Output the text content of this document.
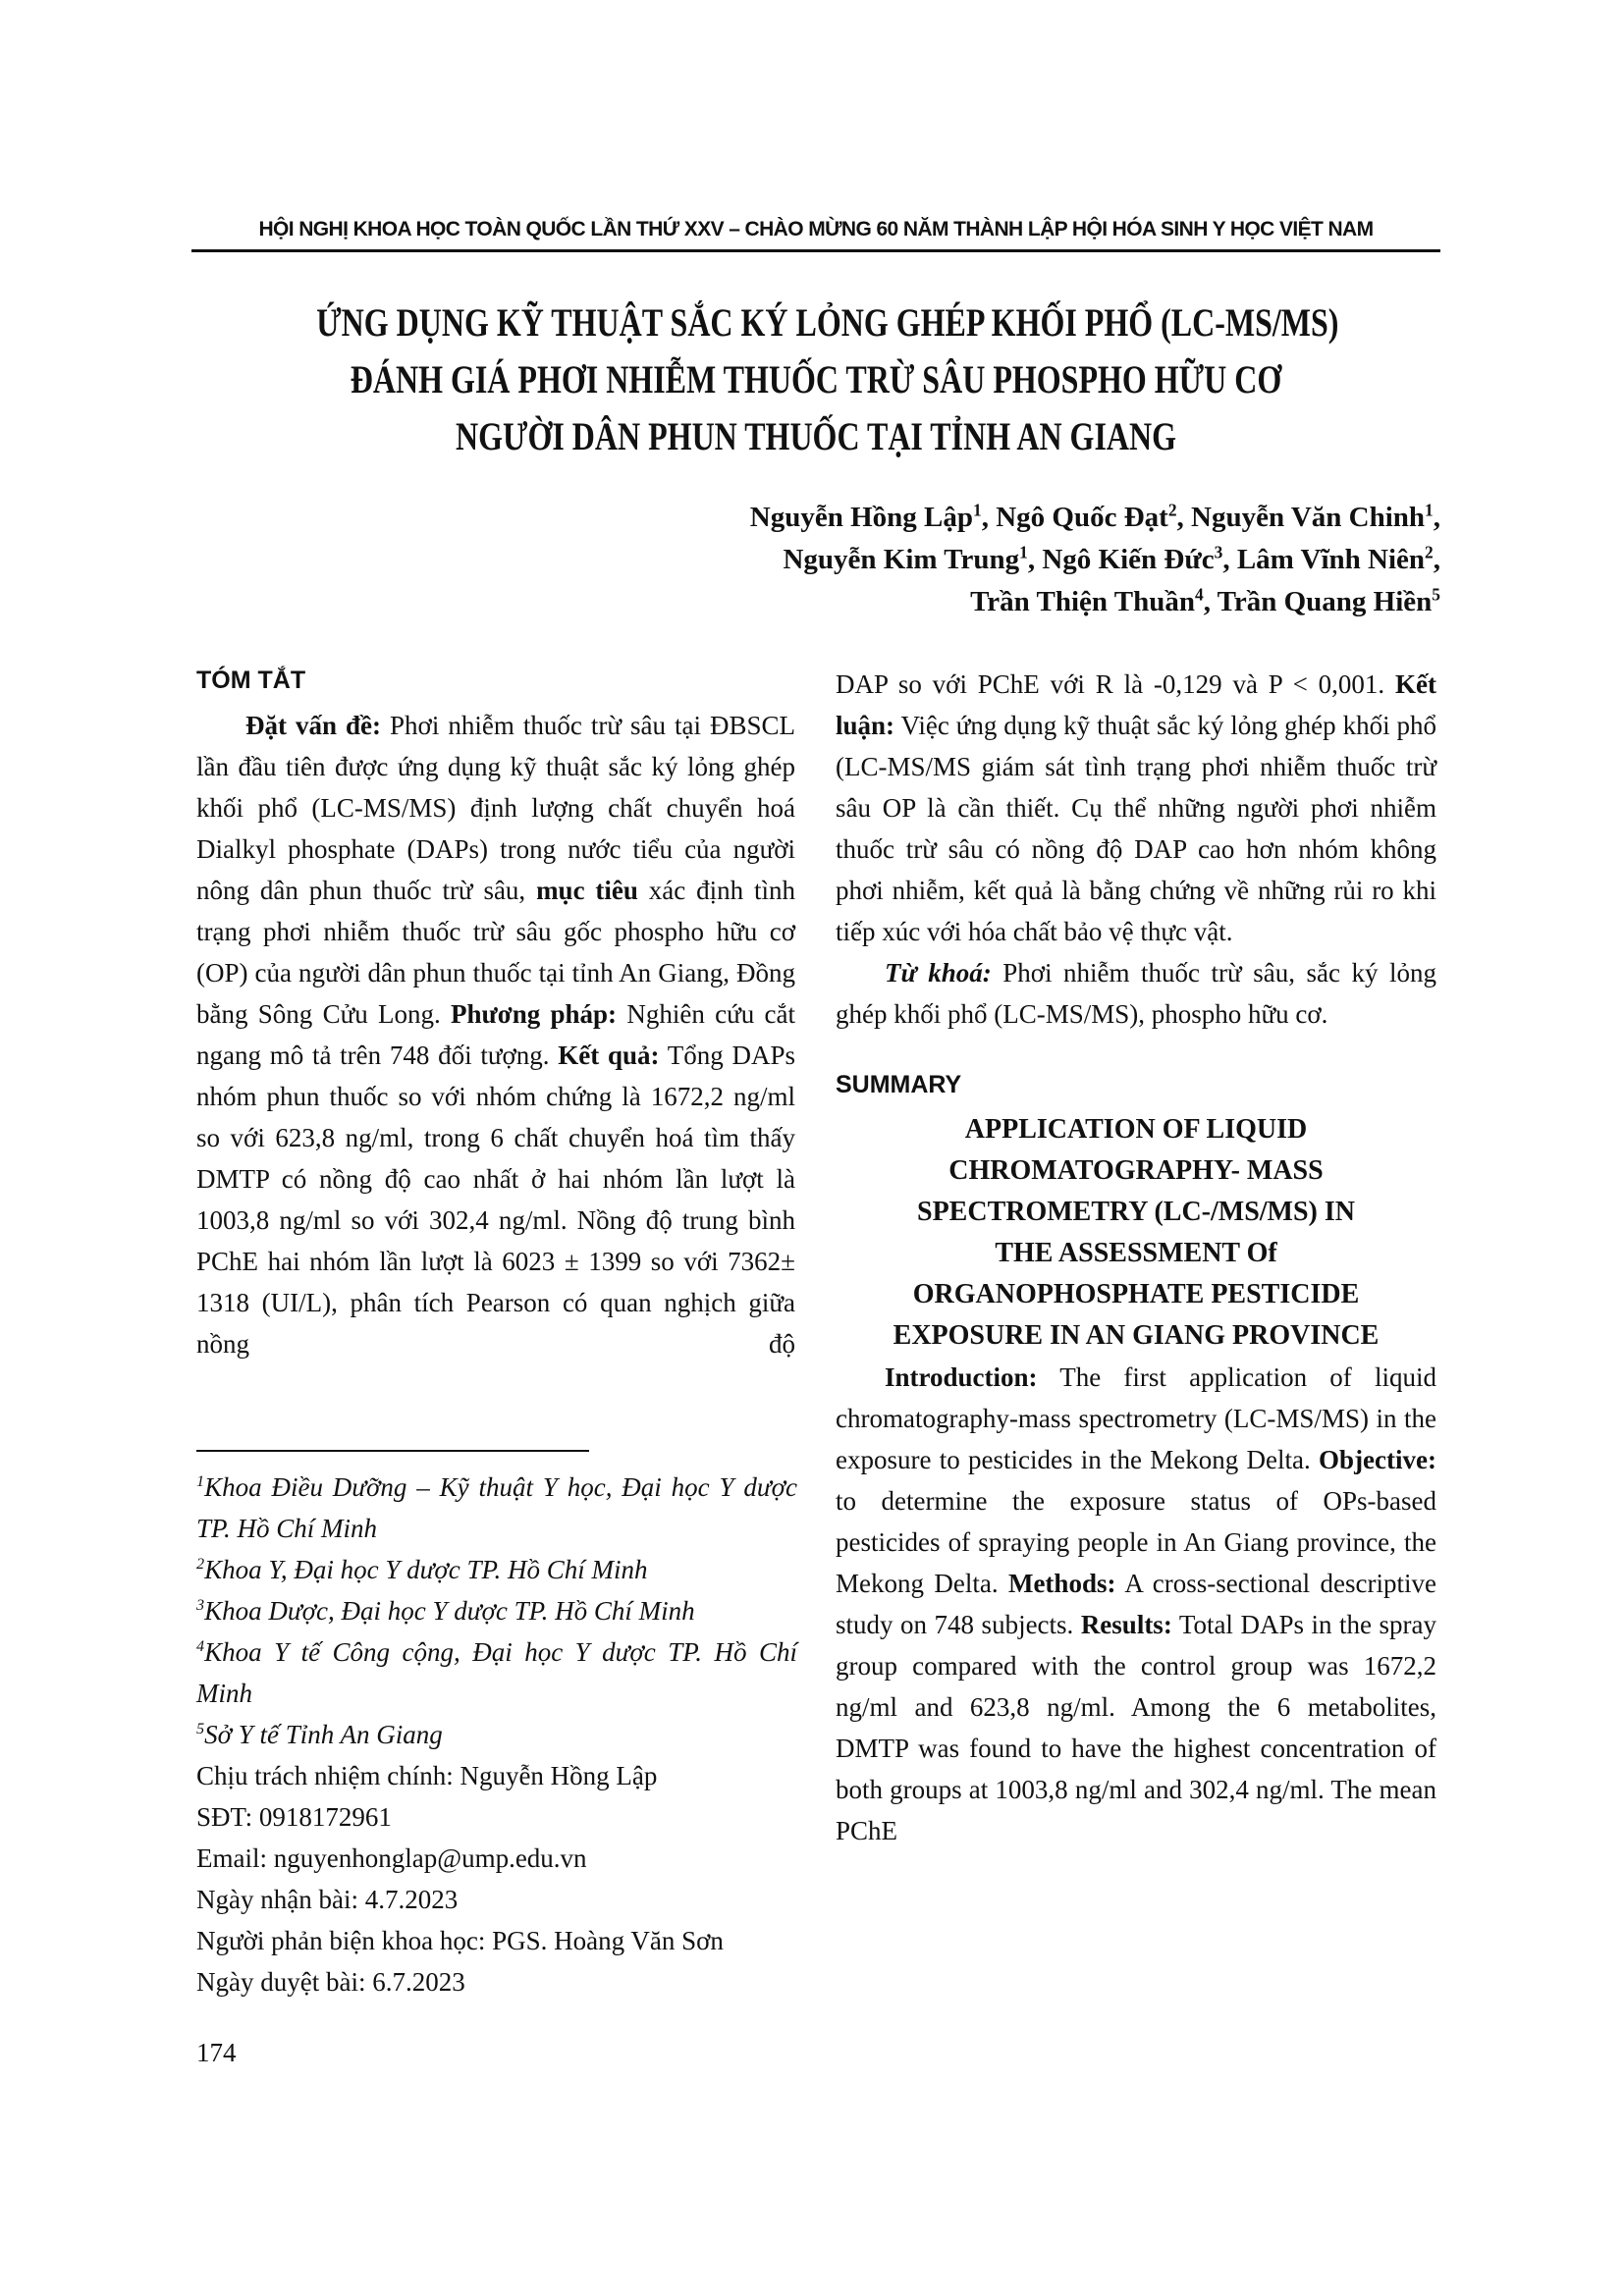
HỘI NGHỊ KHOA HỌC TOÀN QUỐC LẦN THỨ XXV – CHÀO MỪNG 60 NĂM THÀNH LẬP HỘI HÓA SINH Y HỌC VIỆT NAM
ỨNG DỤNG KỸ THUẬT SẮC KÝ LỎNG GHÉP KHỐI PHỔ (LC-MS/MS)
ĐÁNH GIÁ PHƠI NHIỄM THUỐC TRỪ SÂU PHOSPHO HỮU CƠ
NGƯỜI DÂN PHUN THUỐC TẠI TỈNH AN GIANG
Nguyễn Hồng Lập$^1$, Ngô Quốc Đạt$^2$, Nguyễn Văn Chinh$^1$,
Nguyễn Kim Trung$^1$, Ngô Kiến Đức$^3$, Lâm Vĩnh Niên$^2$,
Trần Thiện Thuần$^4$, Trần Quang Hiền$^5$
TÓM TẮT

Đặt vấn đề: Phơi nhiễm thuốc trừ sâu tại ĐBSCL lần đầu tiên được ứng dụng kỹ thuật sắc ký lỏng ghép khối phổ (LC-MS/MS) định lượng chất chuyển hoá Dialkyl phosphate (DAPs) trong nước tiểu của người nông dân phun thuốc trừ sâu, mục tiêu xác định tình trạng phơi nhiễm thuốc trừ sâu gốc phospho hữu cơ (OP) của người dân phun thuốc tại tỉnh An Giang, Đồng bằng Sông Cửu Long. Phương pháp: Nghiên cứu cắt ngang mô tả trên 748 đối tượng. Kết quả: Tổng DAPs nhóm phun thuốc so với nhóm chứng là 1672,2 ng/ml so với 623,8 ng/ml, trong 6 chất chuyển hoá tìm thấy DMTP có nồng độ cao nhất ở hai nhóm lần lượt là 1003,8 ng/ml so với 302,4 ng/ml. Nồng độ trung bình PChE hai nhóm lần lượt là 6023 ± 1399 so với 7362± 1318 (UI/L), phân tích Pearson có quan nghịch giữa nồng độ

$^1$Khoa Điều Dưỡng – Kỹ thuật Y học, Đại học Y dược TP. Hồ Chí Minh
$^2$Khoa Y, Đại học Y dược TP. Hồ Chí Minh
$^3$Khoa Dược, Đại học Y dược TP. Hồ Chí Minh
$^4$Khoa Y tế Công cộng, Đại học Y dược TP. Hồ Chí Minh
$^5$Sở Y tế Tỉnh An Giang
Chịu trách nhiệm chính: Nguyễn Hồng Lập
SĐT: 0918172961
Email: nguyenhonglap@ump.edu.vn
Ngày nhận bài: 4.7.2023
Người phản biện khoa học: PGS. Hoàng Văn Sơn
Ngày duyệt bài: 6.7.2023
174

DAP so với PChE với R là -0,129 và P < 0,001. Kết luận: Việc ứng dụng kỹ thuật sắc ký lỏng ghép khối phổ (LC-MS/MS giám sát tình trạng phơi nhiễm thuốc trừ sâu OP là cần thiết. Cụ thể những người phơi nhiễm thuốc trừ sâu có nồng độ DAP cao hơn nhóm không phơi nhiễm, kết quả là bằng chứng về những rủi ro khi tiếp xúc với hóa chất bảo vệ thực vật.

Từ khoá: Phơi nhiễm thuốc trừ sâu, sắc ký lỏng ghép khối phổ (LC-MS/MS), phospho hữu cơ.

SUMMARY
APPLICATION OF LIQUID
CHROMATOGRAPHY- MASS
SPECTROMETRY (LC-/MS/MS) IN
THE ASSESSMENT Of
ORGANOPHOSPHATE PESTICIDE
EXPOSURE IN AN GIANG PROVINCE

Introduction: The first application of liquid chromatography-mass spectrometry (LC-MS/MS) in the exposure to pesticides in the Mekong Delta. Objective: to determine the exposure status of OPs-based pesticides of spraying people in An Giang province, the Mekong Delta. Methods: A cross-sectional descriptive study on 748 subjects. Results: Total DAPs in the spray group compared with the control group was 1672,2 ng/ml and 623,8 ng/ml. Among the 6 metabolites, DMTP was found to have the highest concentration of both groups at 1003,8 ng/ml and 302,4 ng/ml. The mean PChE
